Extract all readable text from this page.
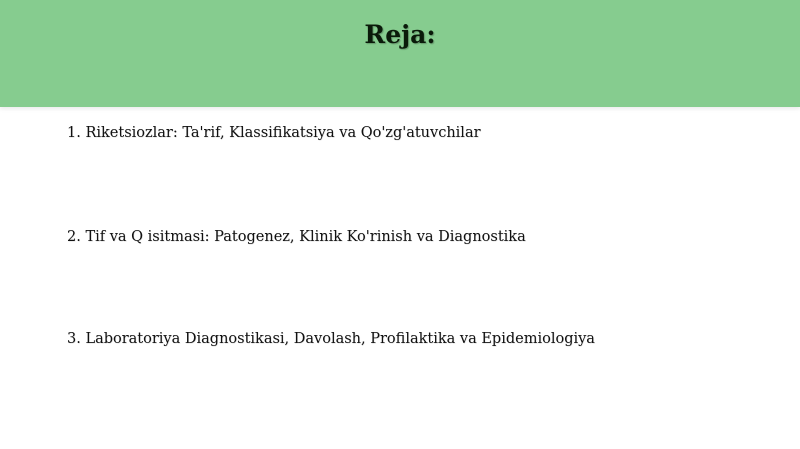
Reja:
1. Riketsiozlar: Ta'rif, Klassifikatsiya va Qo'zg'atuvchilar
2. Tif va Q isitmasi: Patogenez, Klinik Ko'rinish va Diagnostika
3. Laboratoriya Diagnostikasi, Davolash, Profilaktika va Epidemiologiya
